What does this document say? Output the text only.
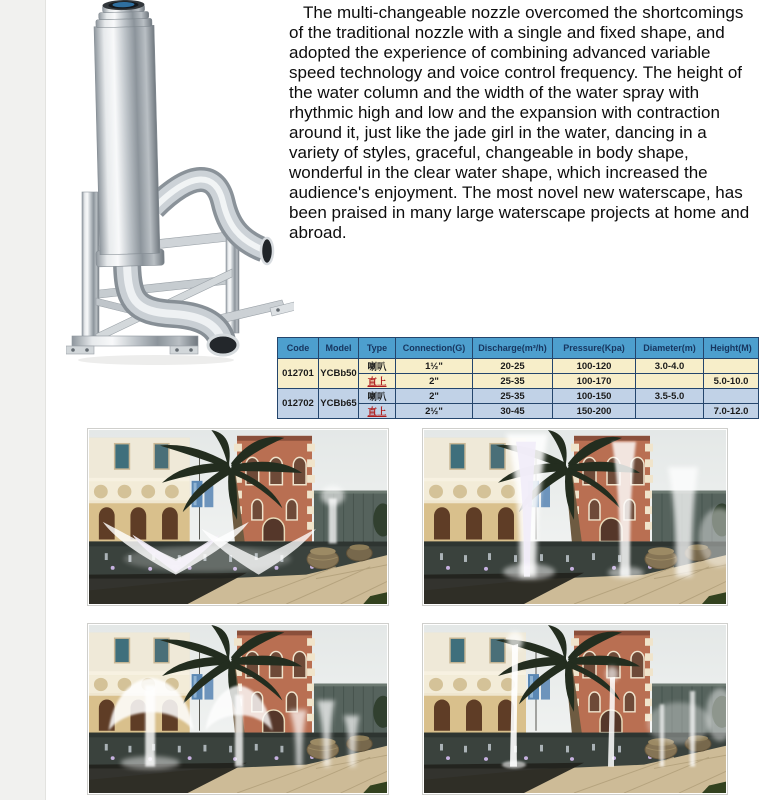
The multi-changeable nozzle overcomed the shortcomings of the traditional nozzle with a single and fixed shape, and adopted the experience of combining advanced variable speed technology and voice control frequency. The height of the water column and the width of the water spray with rhythmic high and low and the expansion with contraction around it, just like the jade girl in the water, dancing in a variety of styles, graceful, changeable in body shape, wonderful in the clear water shape, which increased the audience's enjoyment. The most novel new waterscape, has been praised in many large waterscape projects at home and abroad.

Code	Model	Type	Connection(G)	Discharge(m³/h)	Pressure(Kpa)	Diameter(m)	Height(M)
012701	YCBb50	喇叭	1½"	20-25	100-120	3.0-4.0	
		直上	2"	25-35	100-170		5.0-10.0
012702	YCBb65	喇叭	2"	25-35	100-150	3.5-5.0	
		直上	2½"	30-45	150-200		7.0-12.0
